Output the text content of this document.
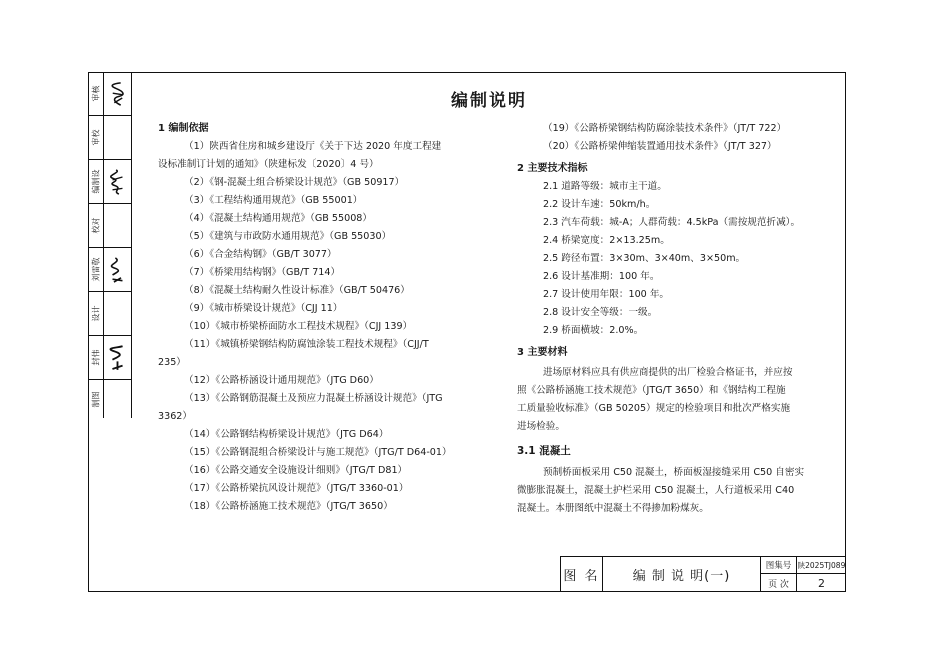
审核
审校
编制设
校对
刘雷敬
设计
封伟
制图
编制说明

1 编制依据

（1）陕西省住房和城乡建设厅《关于下达 2020 年度工程建

设标准制订计划的通知》（陕建标发〔2020〕4 号）

（2）《钢-混凝土组合桥梁设计规范》（GB 50917）

（3）《工程结构通用规范》（GB 55001）

（4）《混凝土结构通用规范》（GB 55008）

（5）《建筑与市政防水通用规范》（GB 55030）

（6）《合金结构钢》（GB/T 3077）

（7）《桥梁用结构钢》（GB/T 714）

（8）《混凝土结构耐久性设计标准》（GB/T 50476）

（9）《城市桥梁设计规范》（CJJ 11）

（10）《城市桥梁桥面防水工程技术规程》（CJJ 139）

（11）《城镇桥梁钢结构防腐蚀涂装工程技术规程》（CJJ/T

235）

（12）《公路桥涵设计通用规范》（JTG D60）

（13）《公路钢筋混凝土及预应力混凝土桥涵设计规范》（JTG

3362）

（14）《公路钢结构桥梁设计规范》（JTG D64）

（15）《公路钢混组合桥梁设计与施工规范》（JTG/T D64-01）

（16）《公路交通安全设施设计细则》（JTG/T D81）

（17）《公路桥梁抗风设计规范》（JTG/T 3360-01）

（18）《公路桥涵施工技术规范》（JTG/T 3650）

（19）《公路桥梁钢结构防腐涂装技术条件》（JT/T 722）

（20）《公路桥梁伸缩装置通用技术条件》（JT/T 327）

2 主要技术指标

2.1 道路等级：城市主干道。

2.2 设计车速：50km/h。

2.3 汽车荷载：城-A；人群荷载：4.5kPa（需按规范折减）。

2.4 桥梁宽度：2×13.25m。

2.5 跨径布置：3×30m、3×40m、3×50m。

2.6 设计基准期：100 年。

2.7 设计使用年限：100 年。

2.8 设计安全等级：一级。

2.9 桥面横坡：2.0%。

3 主要材料

进场原材料应具有供应商提供的出厂检验合格证书，并应按

照《公路桥涵施工技术规范》（JTG/T 3650）和《钢结构工程施

工质量验收标准》（GB 50205）规定的检验项目和批次严格实施

进场检验。

3.1 混凝土

预制桥面板采用 C50 混凝土，桥面板湿接缝采用 C50 自密实

微膨胀混凝土，混凝土护栏采用 C50 混凝土，人行道板采用 C40

混凝土。本册图纸中混凝土不得掺加粉煤灰。

图 名	编 制 说 明(一)
图集号 陕2025TJ089
页 次	2
